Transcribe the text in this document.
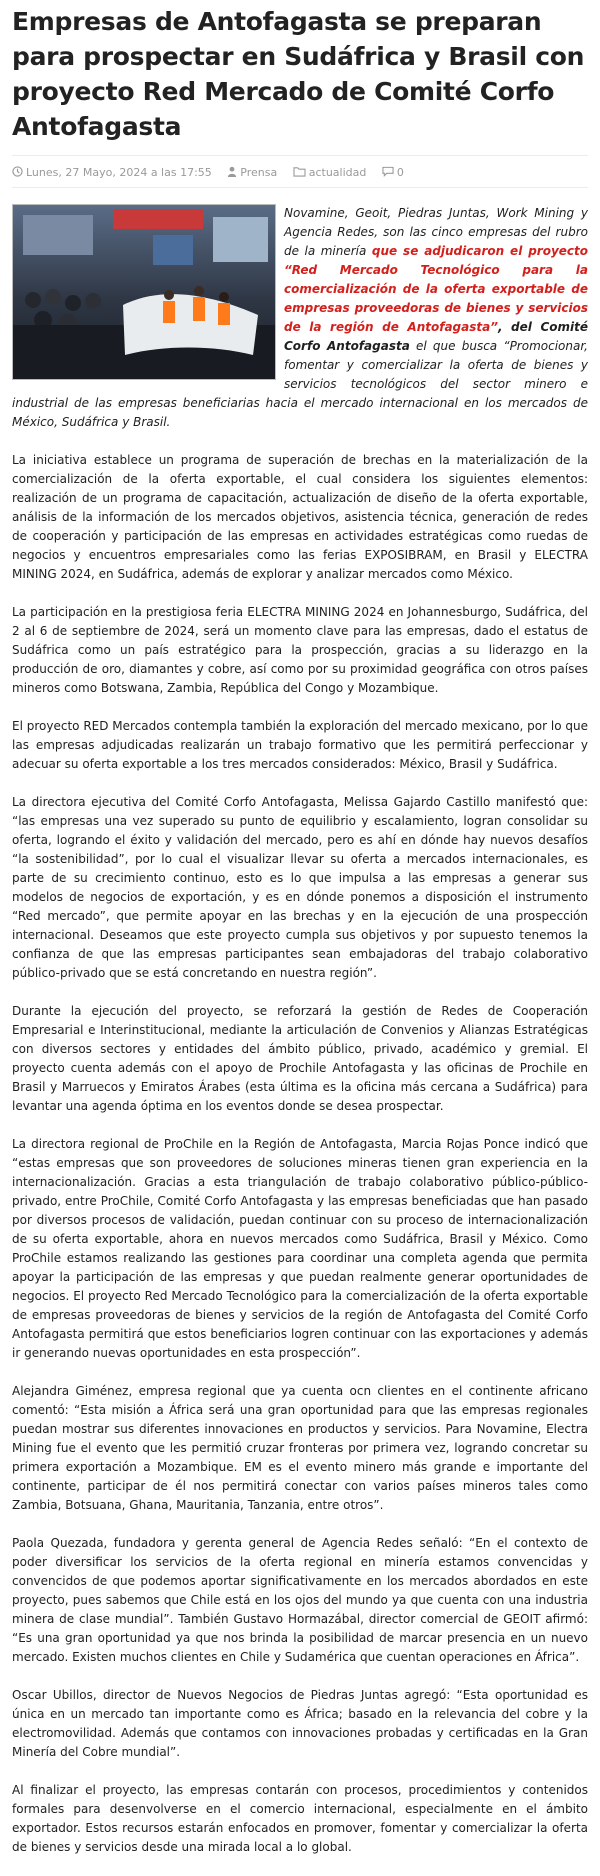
Empresas de Antofagasta se preparan para prospectar en Sudáfrica y Brasil con proyecto Red Mercado de Comité Corfo Antofagasta
Lunes, 27 Mayo, 2024 a las 17:55	Prensa	actualidad	0

Novamine, Geoit, Piedras Juntas, Work Mining y Agencia Redes, son las cinco empresas del rubro de la minería que se adjudicaron el proyecto “Red Mercado Tecnológico para la comercialización de la oferta exportable de empresas proveedoras de bienes y servicios de la región de Antofagasta”, del Comité Corfo Antofagasta el que busca “Promocionar, fomentar y comercializar la oferta de bienes y servicios tecnológicos del sector minero e industrial de las empresas beneficiarias hacia el mercado internacional en los mercados de México, Sudáfrica y Brasil.

La iniciativa establece un programa de superación de brechas en la materialización de la comercialización de la oferta exportable, el cual considera los siguientes elementos: realización de un programa de capacitación, actualización de diseño de la oferta exportable, análisis de la información de los mercados objetivos, asistencia técnica, generación de redes de cooperación y participación de las empresas en actividades estratégicas como ruedas de negocios y encuentros empresariales como las ferias EXPOSIBRAM, en Brasil y ELECTRA MINING 2024, en Sudáfrica, además de explorar y analizar mercados como México.

La participación en la prestigiosa feria ELECTRA MINING 2024 en Johannesburgo, Sudáfrica, del 2 al 6 de septiembre de 2024, será un momento clave para las empresas, dado el estatus de Sudáfrica como un país estratégico para la prospección, gracias a su liderazgo en la producción de oro, diamantes y cobre, así como por su proximidad geográfica con otros países mineros como Botswana, Zambia, República del Congo y Mozambique.

El proyecto RED Mercados contempla también la exploración del mercado mexicano, por lo que las empresas adjudicadas realizarán un trabajo formativo que les permitirá perfeccionar y adecuar su oferta exportable a los tres mercados considerados: México, Brasil y Sudáfrica.

La directora ejecutiva del Comité Corfo Antofagasta, Melissa Gajardo Castillo manifestó que: “las empresas una vez superado su punto de equilibrio y escalamiento, logran consolidar su oferta, logrando el éxito y validación del mercado, pero es ahí en dónde hay nuevos desafíos “la sostenibilidad”, por lo cual el visualizar llevar su oferta a mercados internacionales, es parte de su crecimiento continuo, esto es lo que impulsa a las empresas a generar sus modelos de negocios de exportación, y es en dónde ponemos a disposición el instrumento “Red mercado”, que permite apoyar en las brechas y en la ejecución de una prospección internacional. Deseamos que este proyecto cumpla sus objetivos y por supuesto tenemos la confianza de que las empresas participantes sean embajadoras del trabajo colaborativo público-privado que se está concretando en nuestra región”.

Durante la ejecución del proyecto, se reforzará la gestión de Redes de Cooperación Empresarial e Interinstitucional, mediante la articulación de Convenios y Alianzas Estratégicas con diversos sectores y entidades del ámbito público, privado, académico y gremial. El proyecto cuenta además con el apoyo de Prochile Antofagasta y las oficinas de Prochile en Brasil y Marruecos y Emiratos Árabes (esta última es la oficina más cercana a Sudáfrica) para levantar una agenda óptima en los eventos donde se desea prospectar.

La directora regional de ProChile en la Región de Antofagasta, Marcia Rojas Ponce indicó que “estas empresas que son proveedores de soluciones mineras tienen gran experiencia en la internacionalización. Gracias a esta triangulación de trabajo colaborativo público-público-privado, entre ProChile, Comité Corfo Antofagasta y las empresas beneficiadas que han pasado por diversos procesos de validación, puedan continuar con su proceso de internacionalización de su oferta exportable, ahora en nuevos mercados como Sudáfrica, Brasil y México. Como ProChile estamos realizando las gestiones para coordinar una completa agenda que permita apoyar la participación de las empresas y que puedan realmente generar oportunidades de negocios. El proyecto Red Mercado Tecnológico para la comercialización de la oferta exportable de empresas proveedoras de bienes y servicios de la región de Antofagasta del Comité Corfo Antofagasta permitirá que estos beneficiarios logren continuar con las exportaciones y además ir generando nuevas oportunidades en esta prospección”.

Alejandra Giménez, empresa regional que ya cuenta ocn clientes en el continente africano comentó: “Esta misión a África será una gran oportunidad para que las empresas regionales puedan mostrar sus diferentes innovaciones en productos y servicios. Para Novamine, Electra Mining fue el evento que les permitió cruzar fronteras por primera vez, logrando concretar su primera exportación a Mozambique. EM es el evento minero más grande e importante del continente, participar de él nos permitirá conectar con varios países mineros tales como Zambia, Botsuana, Ghana, Mauritania, Tanzania, entre otros”.

Paola Quezada, fundadora y gerenta general de Agencia Redes señaló: “En el contexto de poder diversificar los servicios de la oferta regional en minería estamos convencidas y convencidos de que podemos aportar significativamente en los mercados abordados en este proyecto, pues sabemos que Chile está en los ojos del mundo ya que cuenta con una industria minera de clase mundial”. También Gustavo Hormazábal, director comercial de GEOIT afirmó: “Es una gran oportunidad ya que nos brinda la posibilidad de marcar presencia en un nuevo mercado. Existen muchos clientes en Chile y Sudamérica que cuentan operaciones en África”.

Oscar Ubillos, director de Nuevos Negocios de Piedras Juntas agregó: “Esta oportunidad es única en un mercado tan importante como es África; basado en la relevancia del cobre y la electromovilidad. Además que contamos con innovaciones probadas y certificadas en la Gran Minería del Cobre mundial”.

Al finalizar el proyecto, las empresas contarán con procesos, procedimientos y contenidos formales para desenvolverse en el comercio internacional, especialmente en el ámbito exportador. Estos recursos estarán enfocados en promover, fomentar y comercializar la oferta de bienes y servicios desde una mirada local a lo global.
